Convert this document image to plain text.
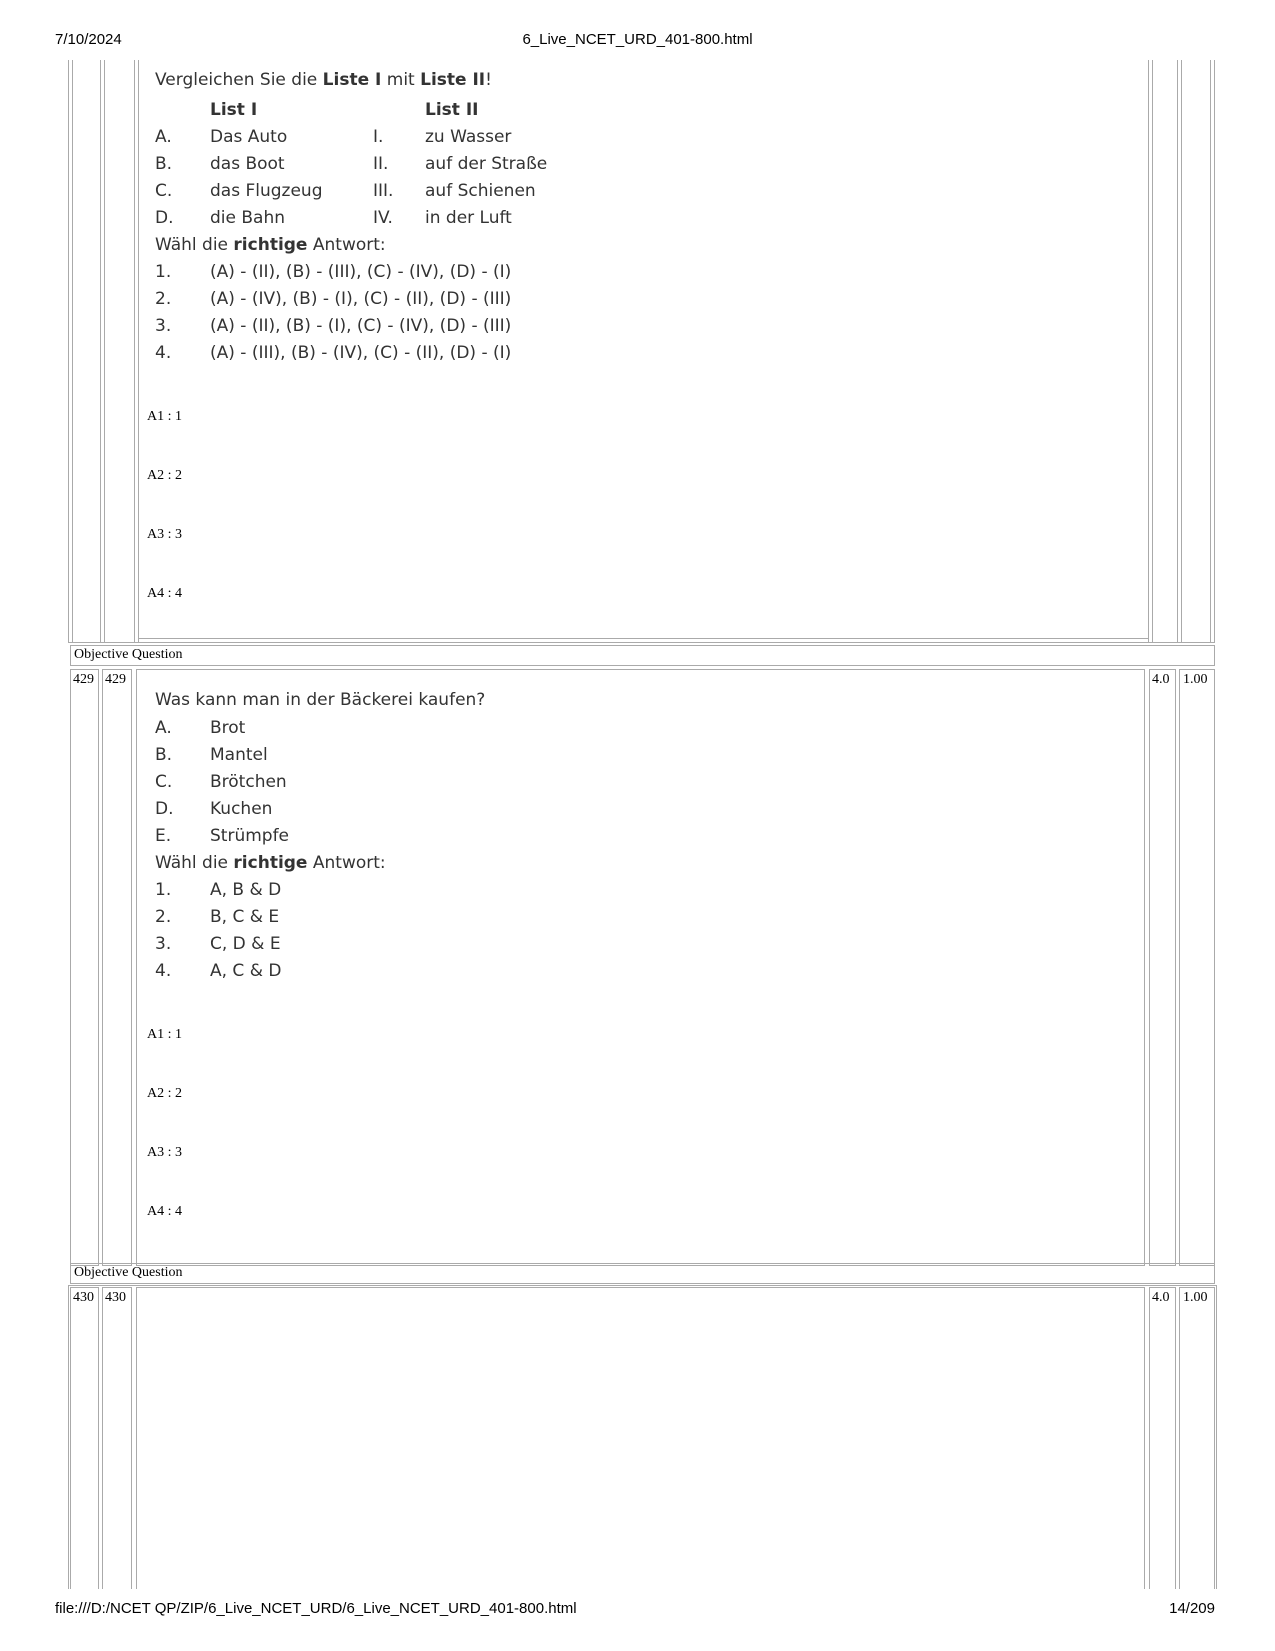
7/10/2024	6_Live_NCET_URD_401-800.html
Vergleichen Sie die Liste I mit Liste II!
List I	List II
A. Das Auto	I. zu Wasser
B. das Boot	II. auf der Straße
C. das Flugzeug	III. auf Schienen
D. die Bahn	IV. in der Luft
Wähl die richtige Antwort:
1. (A) - (II), (B) - (III), (C) - (IV), (D) - (I)
2. (A) - (IV), (B) - (I), (C) - (II), (D) - (III)
3. (A) - (II), (B) - (I), (C) - (IV), (D) - (III)
4. (A) - (III), (B) - (IV), (C) - (II), (D) - (I)
A1 : 1
A2 : 2
A3 : 3
A4 : 4
Objective Question
429 429	4.0 1.00
Was kann man in der Bäckerei kaufen?
A. Brot
B. Mantel
C. Brötchen
D. Kuchen
E. Strümpfe
Wähl die richtige Antwort:
1. A, B & D
2. B, C & E
3. C, D & E
4. A, C & D
A1 : 1
A2 : 2
A3 : 3
A4 : 4
Objective Question
430 430	4.0 1.00
file:///D:/NCET QP/ZIP/6_Live_NCET_URD/6_Live_NCET_URD_401-800.html	14/209
